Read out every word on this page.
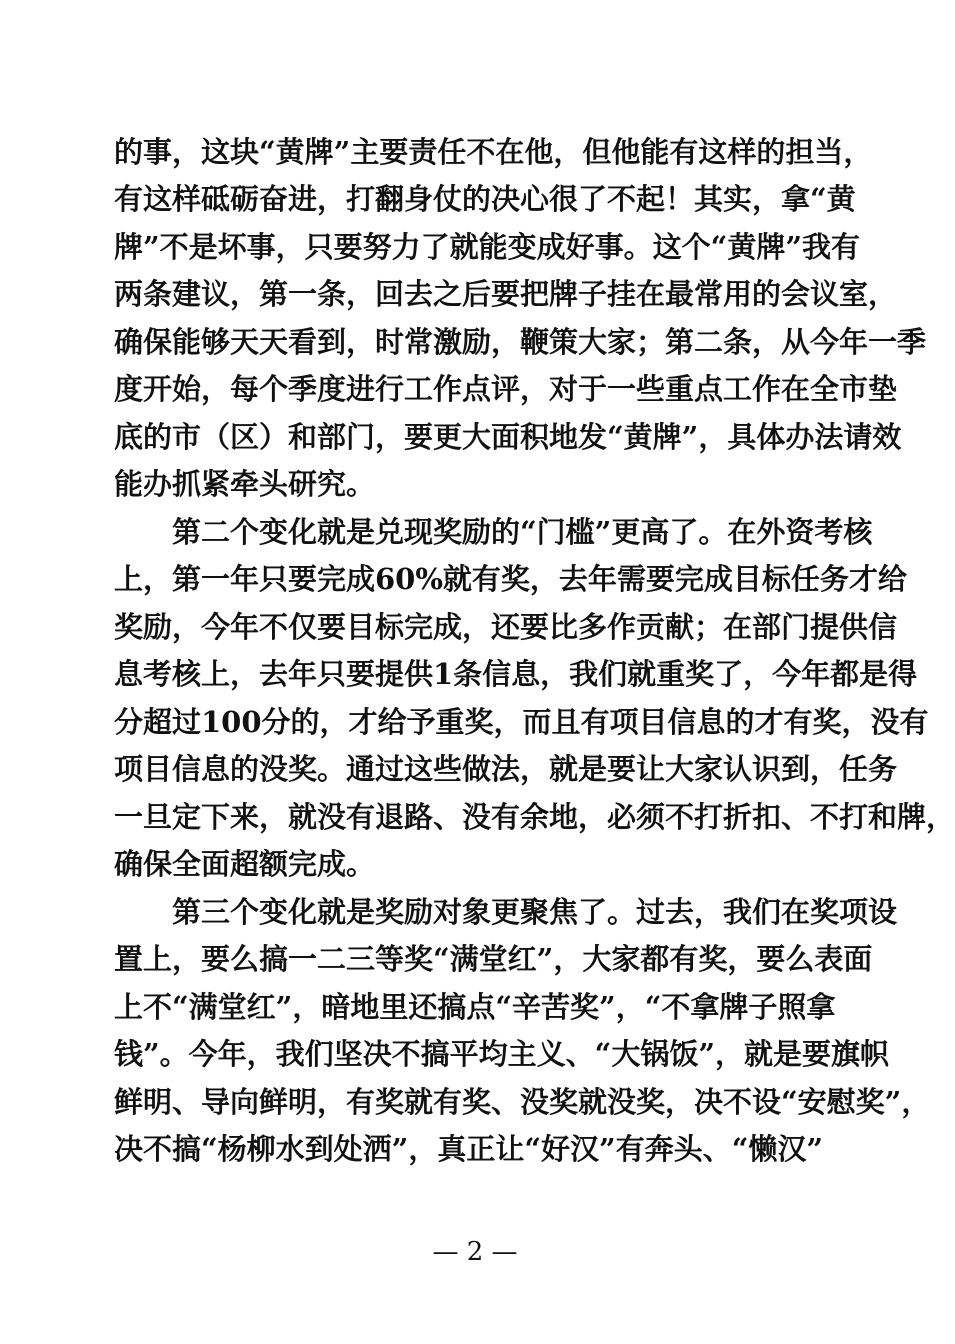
的事，这块“黄牌”主要责任不在他，但他能有这样的担当，
有这样砥砺奋进，打翻身仗的决心很了不起！其实，拿“黄
牌”不是坏事，只要努力了就能变成好事。这个“黄牌”我有
两条建议，第一条，回去之后要把牌子挂在最常用的会议室，
确保能够天天看到，时常激励，鞭策大家；第二条，从今年一季
度开始，每个季度进行工作点评，对于一些重点工作在全市垫
底的市（区）和部门，要更大面积地发“黄牌”，具体办法请效
能办抓紧牵头研究。
　　第二个变化就是兑现奖励的“门槛”更高了。在外资考核
上，第一年只要完成60%就有奖，去年需要完成目标任务才给
奖励，今年不仅要目标完成，还要比多作贡献；在部门提供信
息考核上，去年只要提供1条信息，我们就重奖了，今年都是得
分超过100分的，才给予重奖，而且有项目信息的才有奖，没有
项目信息的没奖。通过这些做法，就是要让大家认识到，任务
一旦定下来，就没有退路、没有余地，必须不打折扣、不打和牌，
确保全面超额完成。
　　第三个变化就是奖励对象更聚焦了。过去，我们在奖项设
置上，要么搞一二三等奖“满堂红”，大家都有奖，要么表面
上不“满堂红”，暗地里还搞点“辛苦奖”，“不拿牌子照拿
钱”。今年，我们坚决不搞平均主义、“大锅饭”，就是要旗帜
鲜明、导向鲜明，有奖就有奖、没奖就没奖，决不设“安慰奖”，
决不搞“杨柳水到处洒”，真正让“好汉”有奔头、“懒汉”
— 2 —
